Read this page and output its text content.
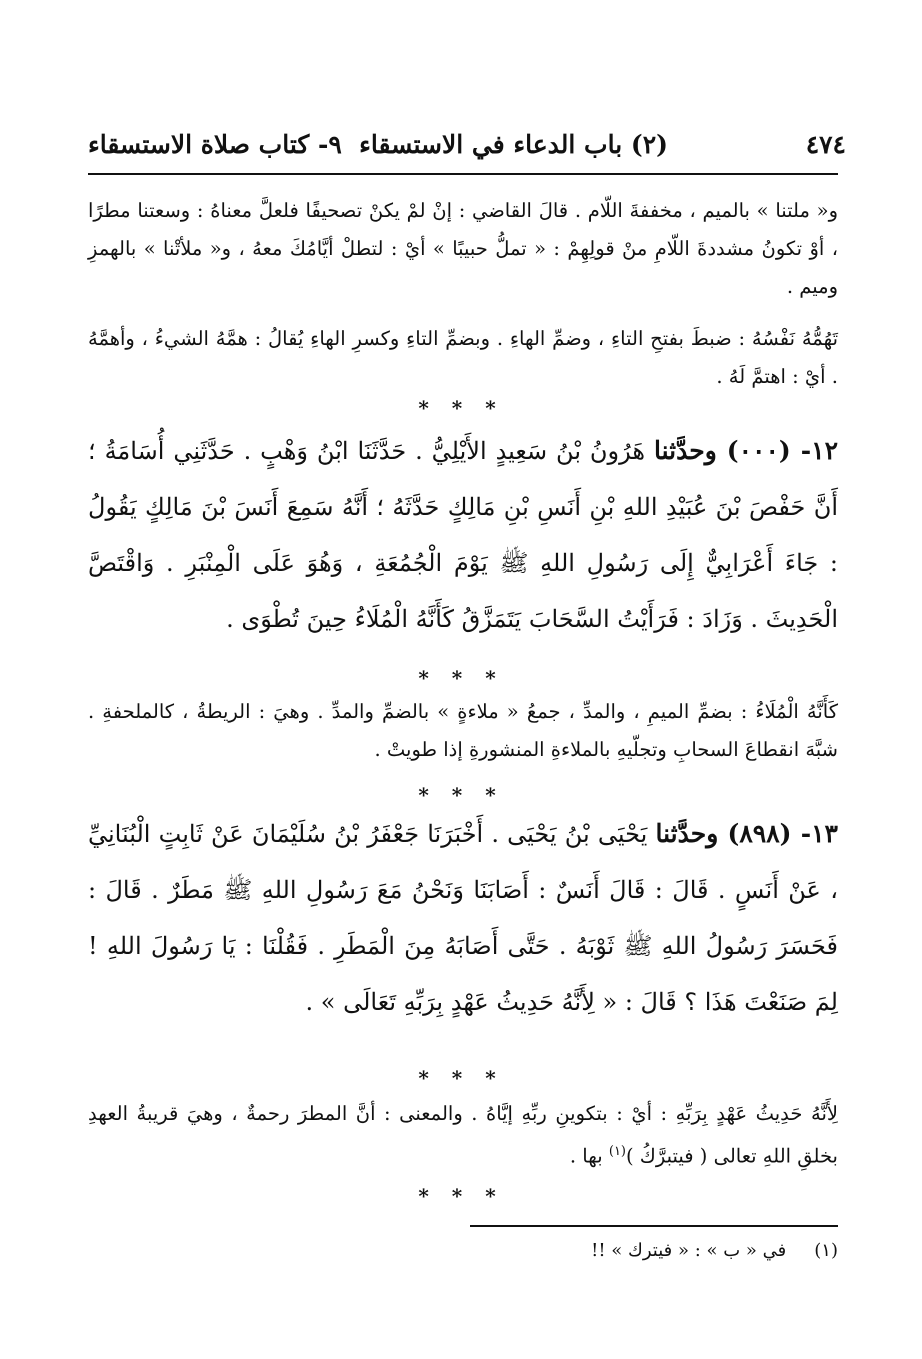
٤٧٤
(٢) باب الدعاء في الاستسقاء
٩- كتاب صلاة الاستسقاء

و« ملتنا » بالميم ، مخففةَ اللّام . قالَ القاضي : إنْ لمْ يكنْ تصحيفًا فلعلَّ معناهُ : وسعتنا مطرًا ، أوْ تكونُ مشددةَ اللّامِ منْ قولِهِمْ : « تملُّ حبيبًا » أيْ : لتطلْ أيَّامُكَ معهُ ، و« ملأتْنا » بالهمزِ وميم .

تَهُمُّهُ نَفْسُهُ : ضبطَ بفتحِ التاءِ ، وضمِّ الهاءِ . وبضمِّ التاءِ وكسرِ الهاءِ يُقالُ : همَّهُ الشيءُ ، وأهمَّهُ . أيْ : اهتمَّ لَهُ .

* * *

١٢- (٠٠٠) وحدَّثنا هَرُونُ بْنُ سَعِيدٍ الأَيْلِيُّ . حَدَّثَنَا ابْنُ وَهْبٍ . حَدَّثَنِي أُسَامَةُ ؛ أَنَّ حَفْصَ بْنَ عُبَيْدِ اللهِ بْنِ أَنَسِ بْنِ مَالِكٍ حَدَّثَهُ ؛ أَنَّهُ سَمِعَ أَنَسَ بْنَ مَالِكٍ يَقُولُ : جَاءَ أَعْرَابِيٌّ إِلَى رَسُولِ اللهِ ﷺ يَوْمَ الْجُمُعَةِ ، وَهُوَ عَلَى الْمِنْبَرِ . وَاقْتَصَّ الْحَدِيثَ . وَزَادَ : فَرَأَيْتُ السَّحَابَ يَتَمَزَّقُ كَأَنَّهُ الْمُلَاءُ حِينَ تُطْوَى .

* * *

كَأَنَّهُ الْمُلَاءُ : بضمِّ الميمِ ، والمدِّ ، جمعُ « ملاءةٍ » بالضمِّ والمدِّ . وهيَ : الريطةُ ، كالملحفةِ . شبَّهَ انقطاعَ السحابِ وتجلّيهِ بالملاءةِ المنشورةِ إذا طويتْ .

* * *

١٣- (٨٩٨) وحدَّثنا يَحْيَى بْنُ يَحْيَى . أَخْبَرَنَا جَعْفَرُ بْنُ سُلَيْمَانَ عَنْ ثَابِتٍ الْبُنَانِيِّ ، عَنْ أَنَسٍ . قَالَ : قَالَ أَنَسٌ : أَصَابَنَا وَنَحْنُ مَعَ رَسُولِ اللهِ ﷺ مَطَرٌ . قَالَ : فَحَسَرَ رَسُولُ اللهِ ﷺ ثَوْبَهُ . حَتَّى أَصَابَهُ مِنَ الْمَطَرِ . فَقُلْنَا : يَا رَسُولَ اللهِ ! لِمَ صَنَعْتَ هَذَا ؟ قَالَ : « لِأَنَّهُ حَدِيثُ عَهْدٍ بِرَبِّهِ تَعَالَى » .

* * *

لِأَنَّهُ حَدِيثُ عَهْدٍ بِرَبِّهِ : أيْ : بتكوينِ ربِّهِ إيَّاهُ . والمعنى : أنَّ المطرَ رحمةٌ ، وهيَ قريبةُ العهدِ بخلقِ اللهِ تعالى ( فيتبرَّكُ )$^{(١)}$ بها .

* * *
(١)في « ب » : « فيترك » !!
